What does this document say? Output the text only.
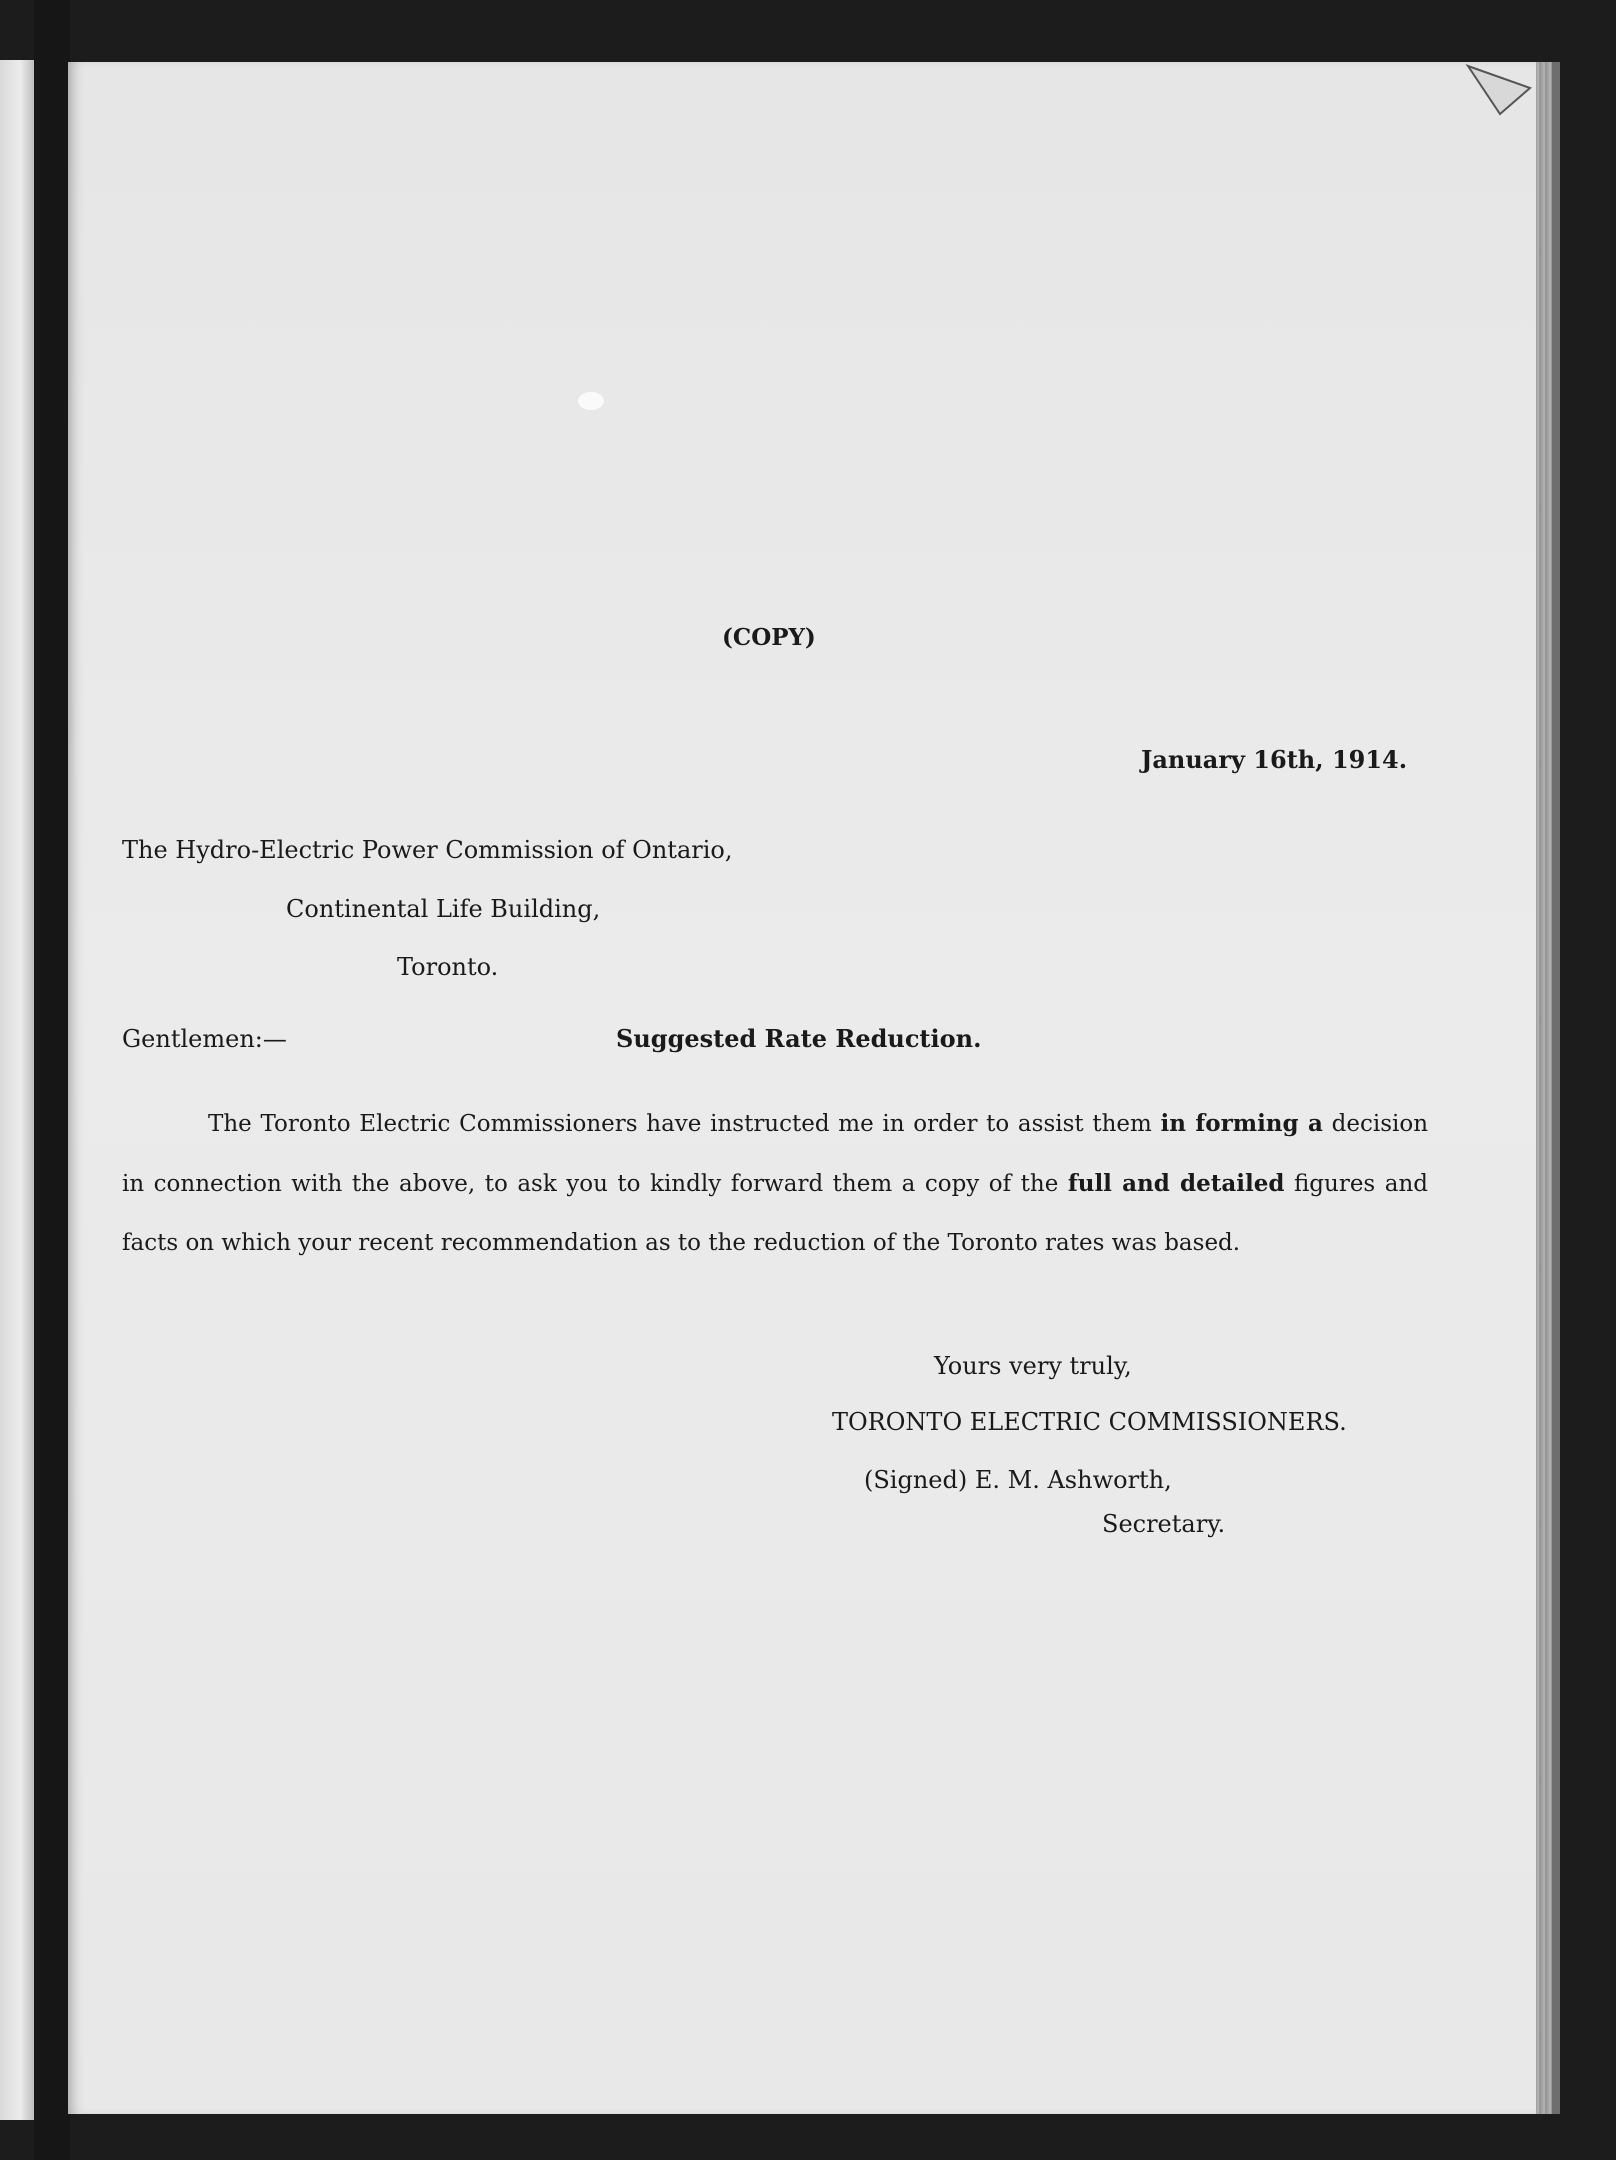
(COPY)
January 16th, 1914.
The Hydro-Electric Power Commission of Ontario,
Continental Life Building,
Toronto.
Gentlemen:—	Suggested Rate Reduction.

The Toronto Electric Commissioners have instructed me in order to assist them in forming a decision in connection with the above, to ask you to kindly forward them a copy of the full and detailed figures and facts on which your recent recommendation as to the reduction of the Toronto rates was based.

Yours very truly,
TORONTO ELECTRIC COMMISSIONERS.
(Signed) E. M. Ashworth,
Secretary.
